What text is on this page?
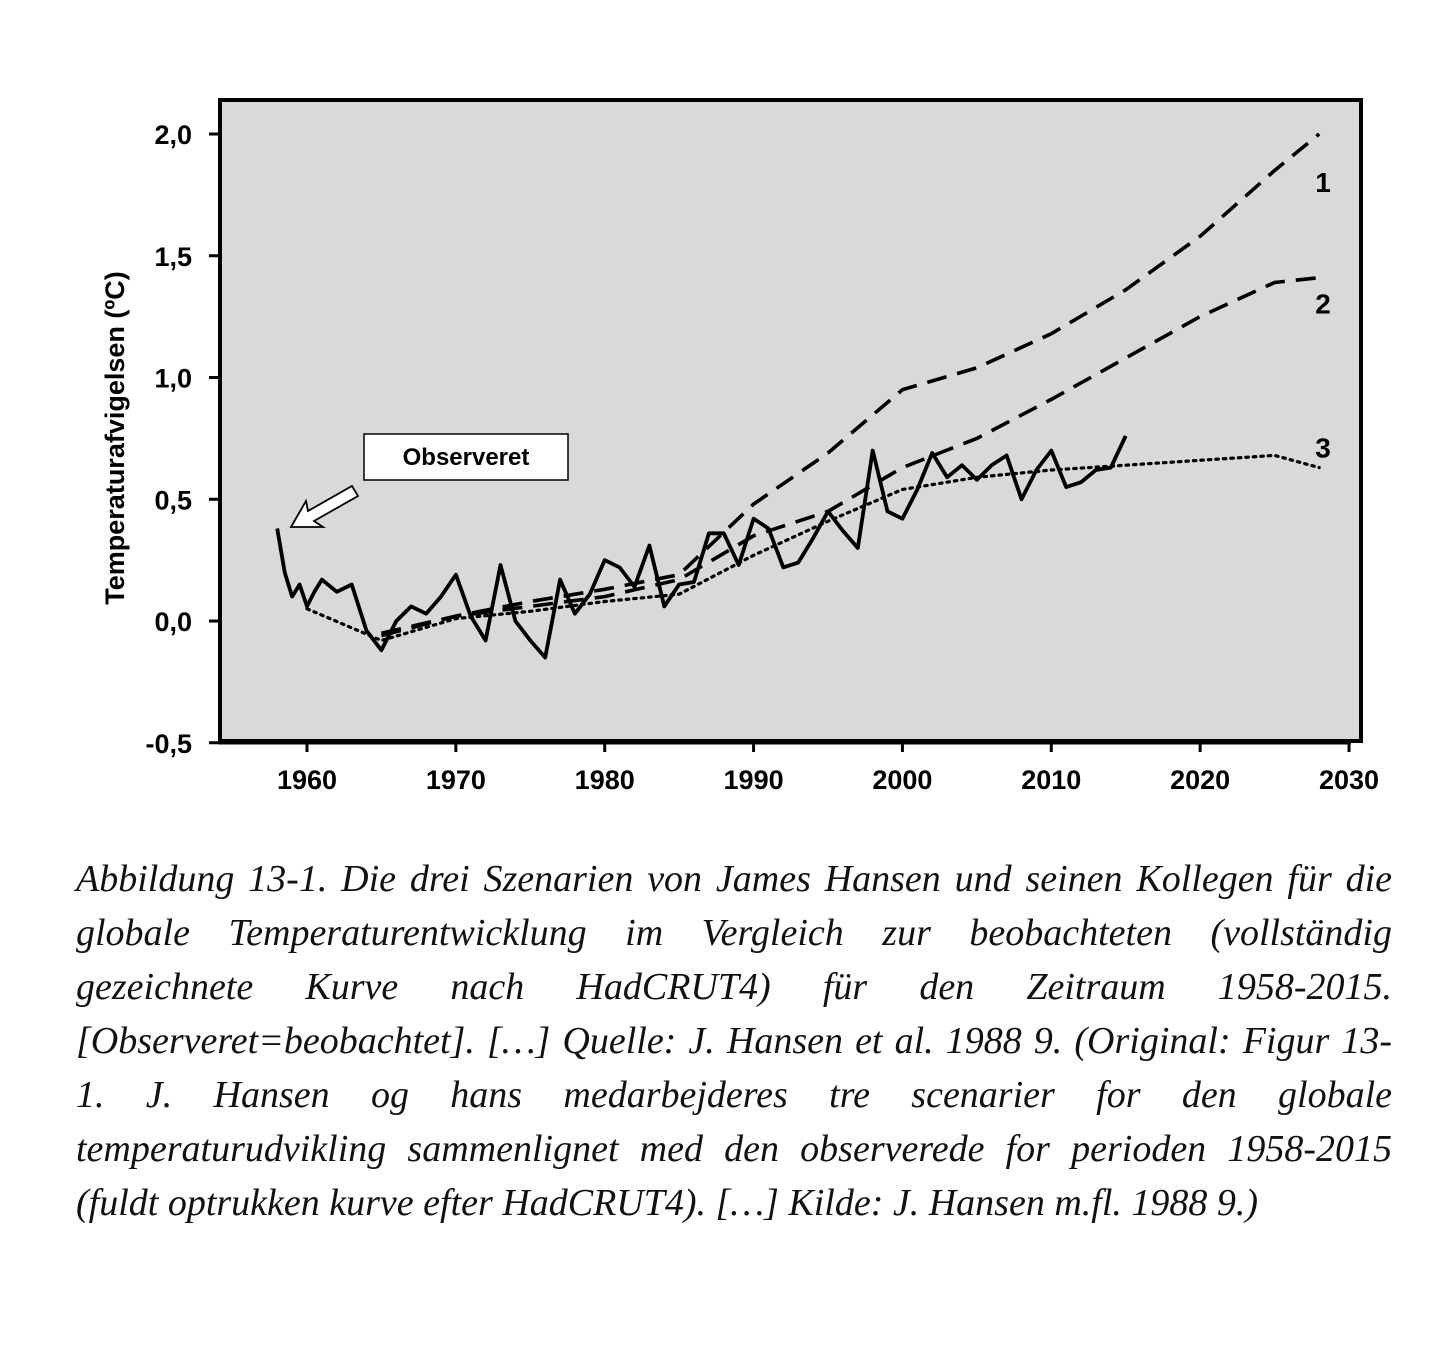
1
2
3
-0,5
0,0
0,5
1,0
1,5
2,0
1960	1970	1980	1990	2000	2010	2020	2030
Temperaturafvigelsen (ºC)	Observeret

Abbildung 13-1. Die drei Szenarien von James Hansen und seinen Kollegen für die globale Temperaturentwicklung im Vergleich zur beobachteten (vollständig gezeichnete Kurve nach HadCRUT4) für den Zeitraum 1958-2015. [Observeret=beobachtet]. […] Quelle: J. Hansen et al. 1988 9. (Original: Figur 13-1. J. Hansen og hans medarbejderes tre scenarier for den globale temperaturudvikling sammenlignet med den observerede for perioden 1958-2015 (fuldt optrukken kurve efter HadCRUT4). […] Kilde: J. Hansen m.fl. 1988 9.)
